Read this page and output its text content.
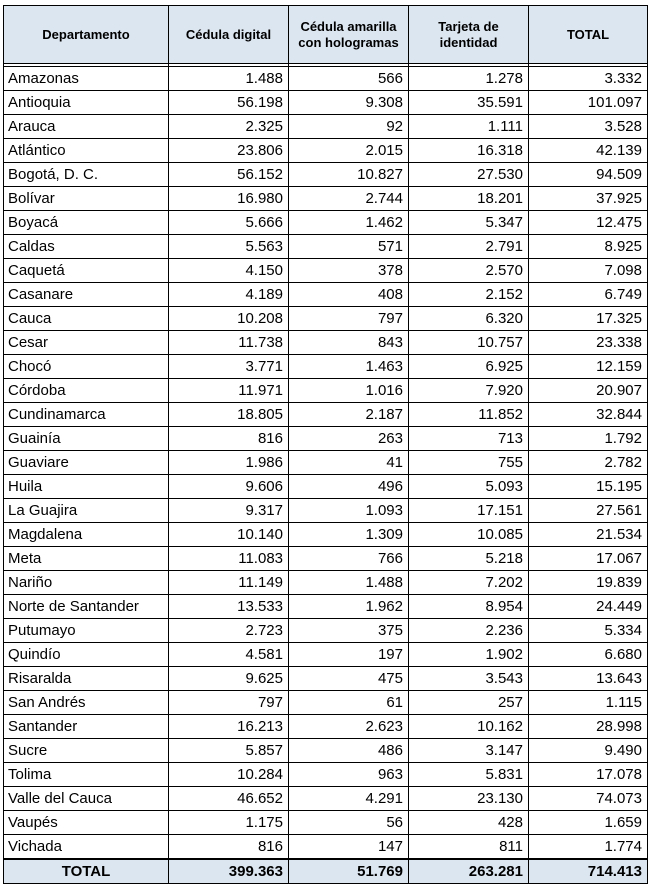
Departamento	Cédula digital	Cédula amarilla con hologramas	Tarjeta de identidad	TOTAL

Amazonas	1.488	566	1.278	3.332
Antioquia	56.198	9.308	35.591	101.097
Arauca	2.325	92	1.111	3.528
Atlántico	23.806	2.015	16.318	42.139
Bogotá, D. C.	56.152	10.827	27.530	94.509
Bolívar	16.980	2.744	18.201	37.925
Boyacá	5.666	1.462	5.347	12.475
Caldas	5.563	571	2.791	8.925
Caquetá	4.150	378	2.570	7.098
Casanare	4.189	408	2.152	6.749
Cauca	10.208	797	6.320	17.325
Cesar	11.738	843	10.757	23.338
Chocó	3.771	1.463	6.925	12.159
Córdoba	11.971	1.016	7.920	20.907
Cundinamarca	18.805	2.187	11.852	32.844
Guainía	816	263	713	1.792
Guaviare	1.986	41	755	2.782
Huila	9.606	496	5.093	15.195
La Guajira	9.317	1.093	17.151	27.561
Magdalena	10.140	1.309	10.085	21.534
Meta	11.083	766	5.218	17.067
Nariño	11.149	1.488	7.202	19.839
Norte de Santander	13.533	1.962	8.954	24.449
Putumayo	2.723	375	2.236	5.334
Quindío	4.581	197	1.902	6.680
Risaralda	9.625	475	3.543	13.643
San Andrés	797	61	257	1.115
Santander	16.213	2.623	10.162	28.998
Sucre	5.857	486	3.147	9.490
Tolima	10.284	963	5.831	17.078
Valle del Cauca	46.652	4.291	23.130	74.073
Vaupés	1.175	56	428	1.659
Vichada	816	147	811	1.774
TOTAL	399.363	51.769	263.281	714.413
